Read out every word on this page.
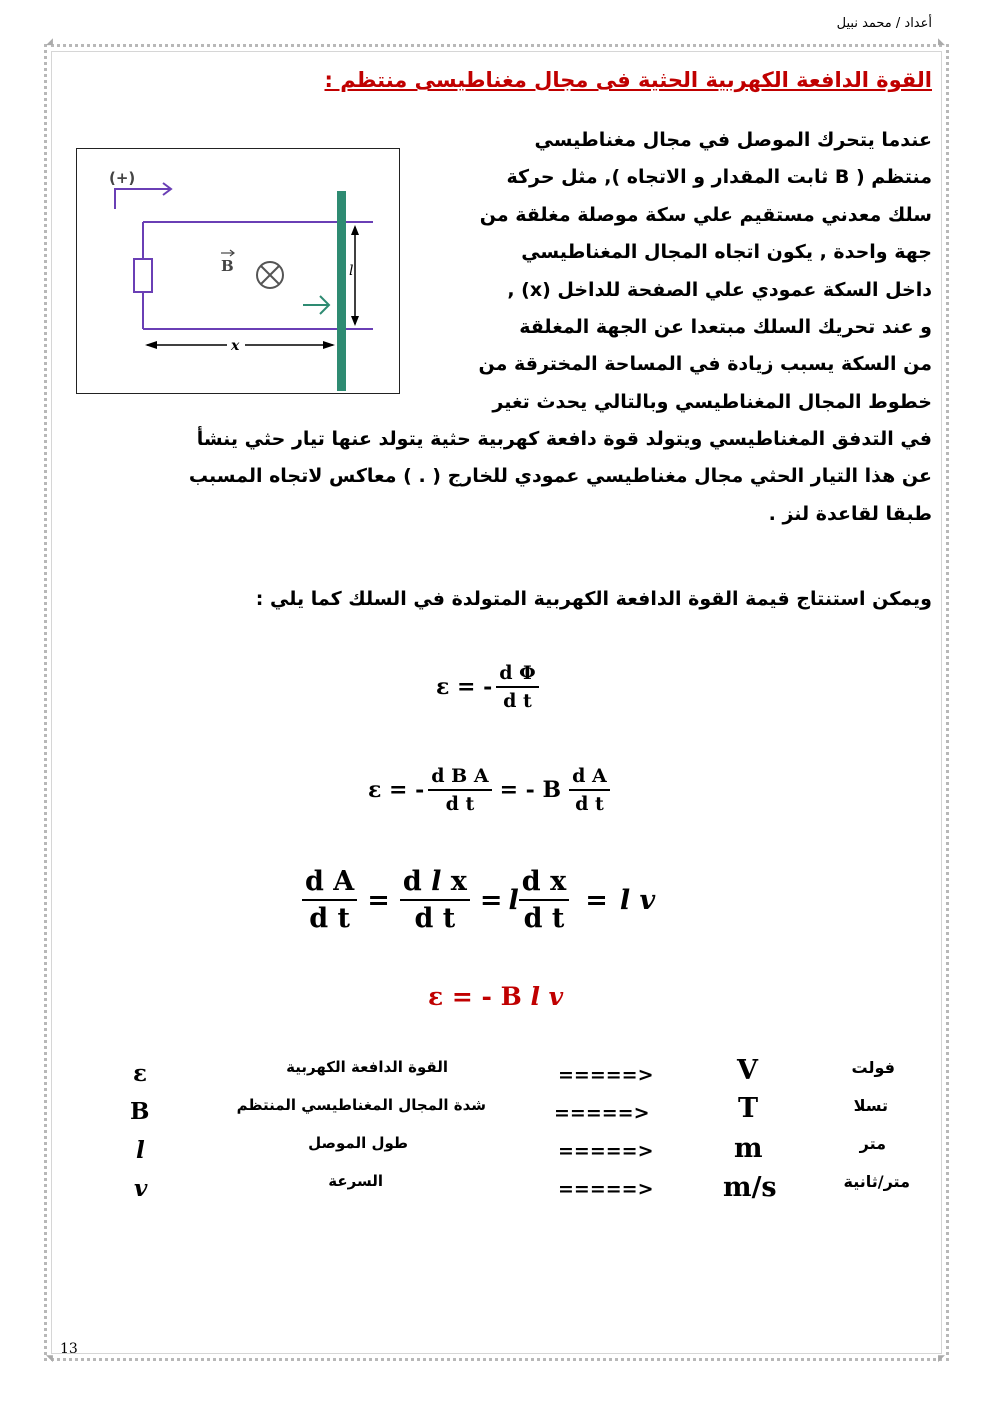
أعداد / محمد نبيل
◢	◣
◥	◤
القوة الدافعة الكهربية الحثية فى مجال مغناطيسى منتظم :

عندما يتحرك الموصل في مجال مغناطيسي

منتظم ( B ثابت المقدار و الاتجاه ), مثل حركة

سلك معدني مستقيم علي سكة موصلة مغلقة من

جهة واحدة , يكون اتجاه المجال المغناطيسي

داخل السكة عمودي علي الصفحة للداخل (x) ,

و عند تحريك السلك مبتعدا عن الجهة المغلقة

من السكة يسبب زيادة في المساحة المخترقة من

خطوط المجال المغناطيسي وبالتالي يحدث تغير

في التدفق المغناطيسي ويتولد قوة دافعة كهربية حثية يتولد عنها تيار حثي ينشأ

عن هذا التيار الحثي مجال مغناطيسي عمودي للخارج ( . ) معاكس لاتجاه المسبب

طبقا لقاعدة لنز .

(+)
B	l
x
ويمكن استنتاج قيمة القوة الدافعة الكهربية المتولدة في السلك كما يلي :
ε = - $\frac{\text{d Φ}}{\text{d t}}$
ε = - $\frac{\text{d B A}}{\text{d t}}$ = - B $\frac{\text{d A}}{\text{d t}}$
$\frac{\text{d A}}{\text{d t}} = \frac{\text{d l x}}{\text{d t}} = l \frac{\text{d x}}{\text{d t}} = l$ v
ε = - B l v
ε	القوة الدافعة الكهربية	=====>	V	فولت
B	شدة المجال المغناطيسي المنتظم	=====>	T	تسلا
l	طول الموصل	=====>	m	متر
v	السرعة	=====>	m/s	متر/ثانية
13
